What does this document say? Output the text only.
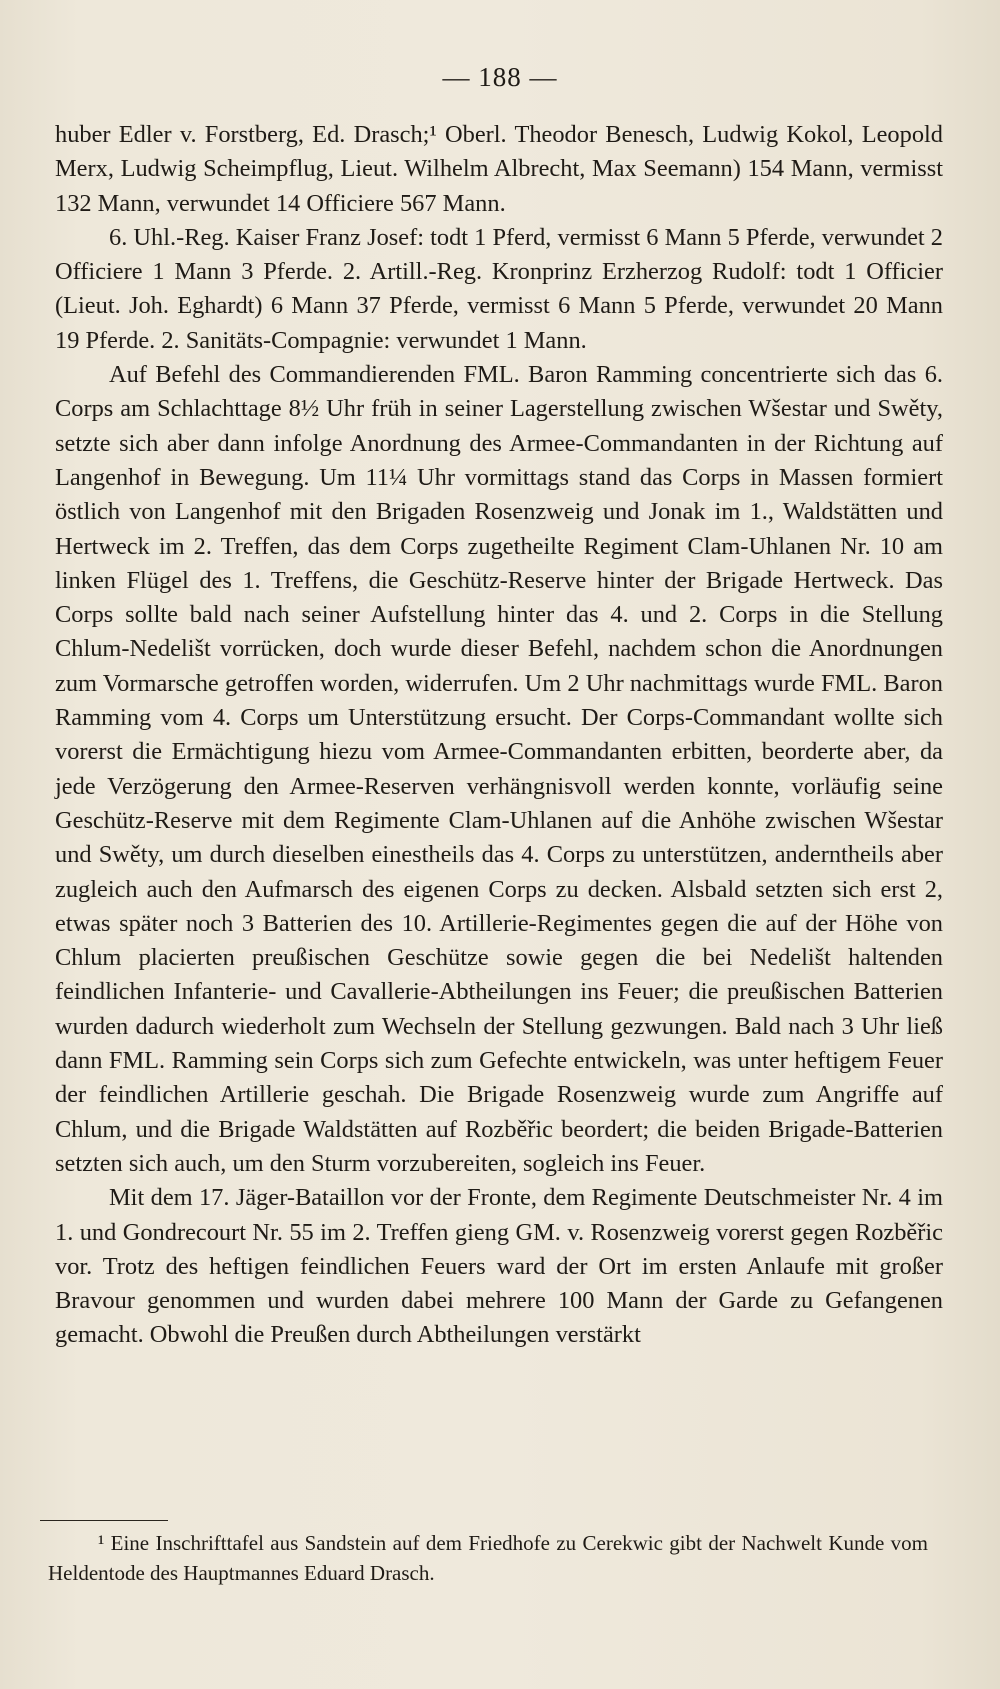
— 188 —

huber Edler v. Forstberg, Ed. Drasch;¹ Oberl. Theodor Benesch, Ludwig Kokol, Leopold Merx, Ludwig Scheimpflug, Lieut. Wilhelm Albrecht, Max Seemann) 154 Mann, vermisst 132 Mann, verwundet 14 Officiere 567 Mann.

6. Uhl.-Reg. Kaiser Franz Josef: todt 1 Pferd, vermisst 6 Mann 5 Pferde, verwundet 2 Officiere 1 Mann 3 Pferde. 2. Artill.-Reg. Kronprinz Erzherzog Rudolf: todt 1 Officier (Lieut. Joh. Eghardt) 6 Mann 37 Pferde, vermisst 6 Mann 5 Pferde, verwundet 20 Mann 19 Pferde. 2. Sanitäts-Compagnie: verwundet 1 Mann.

Auf Befehl des Commandierenden FML. Baron Ramming concentrierte sich das 6. Corps am Schlachttage 8½ Uhr früh in seiner Lagerstellung zwischen Wšestar und Swěty, setzte sich aber dann infolge Anordnung des Armee-Commandanten in der Richtung auf Langenhof in Bewegung. Um 11¼ Uhr vormittags stand das Corps in Massen formiert östlich von Langenhof mit den Brigaden Rosenzweig und Jonak im 1., Waldstätten und Hertweck im 2. Treffen, das dem Corps zugetheilte Regiment Clam-Uhlanen Nr. 10 am linken Flügel des 1. Treffens, die Geschütz-Reserve hinter der Brigade Hertweck. Das Corps sollte bald nach seiner Aufstellung hinter das 4. und 2. Corps in die Stellung Chlum-Nedelišt vorrücken, doch wurde dieser Befehl, nachdem schon die Anordnungen zum Vormarsche getroffen worden, widerrufen. Um 2 Uhr nachmittags wurde FML. Baron Ramming vom 4. Corps um Unterstützung ersucht. Der Corps-Commandant wollte sich vorerst die Ermächtigung hiezu vom Armee-Commandanten erbitten, beorderte aber, da jede Verzögerung den Armee-Reserven verhängnisvoll werden konnte, vorläufig seine Geschütz-Reserve mit dem Regimente Clam-Uhlanen auf die Anhöhe zwischen Wšestar und Swěty, um durch dieselben einestheils das 4. Corps zu unterstützen, anderntheils aber zugleich auch den Aufmarsch des eigenen Corps zu decken. Alsbald setzten sich erst 2, etwas später noch 3 Batterien des 10. Artillerie-Regimentes gegen die auf der Höhe von Chlum placierten preußischen Geschütze sowie gegen die bei Nedelišt haltenden feindlichen Infanterie- und Cavallerie-Abtheilungen ins Feuer; die preußischen Batterien wurden dadurch wiederholt zum Wechseln der Stellung gezwungen. Bald nach 3 Uhr ließ dann FML. Ramming sein Corps sich zum Gefechte entwickeln, was unter heftigem Feuer der feindlichen Artillerie geschah. Die Brigade Rosenzweig wurde zum Angriffe auf Chlum, und die Brigade Waldstätten auf Rozběřic beordert; die beiden Brigade-Batterien setzten sich auch, um den Sturm vorzubereiten, sogleich ins Feuer.

Mit dem 17. Jäger-Bataillon vor der Fronte, dem Regimente Deutschmeister Nr. 4 im 1. und Gondrecourt Nr. 55 im 2. Treffen gieng GM. v. Rosenzweig vorerst gegen Rozběřic vor. Trotz des heftigen feindlichen Feuers ward der Ort im ersten Anlaufe mit großer Bravour genommen und wurden dabei mehrere 100 Mann der Garde zu Gefangenen gemacht. Obwohl die Preußen durch Abtheilungen verstärkt

¹ Eine Inschrifttafel aus Sandstein auf dem Friedhofe zu Cerekwic gibt der Nachwelt Kunde vom Heldentode des Hauptmannes Eduard Drasch.
